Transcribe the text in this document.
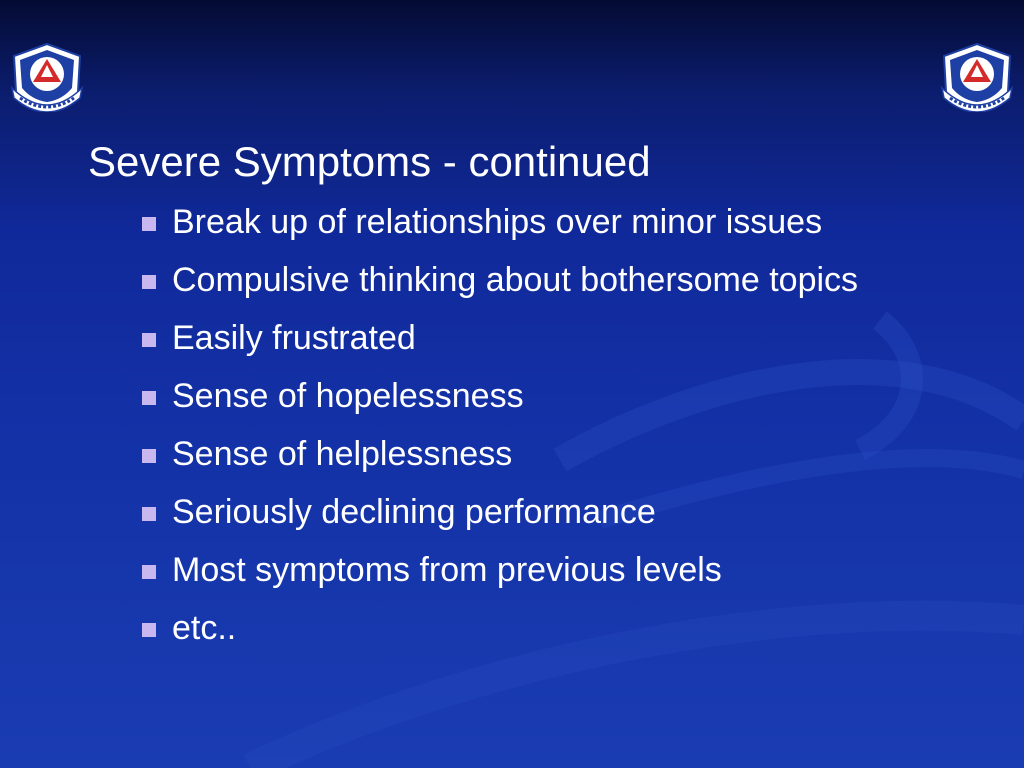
Severe Symptoms - continued
Break up of relationships over minor issues
Compulsive thinking about bothersome topics
Easily frustrated
Sense of hopelessness
Sense of helplessness
Seriously declining performance
Most symptoms from previous levels
etc..
